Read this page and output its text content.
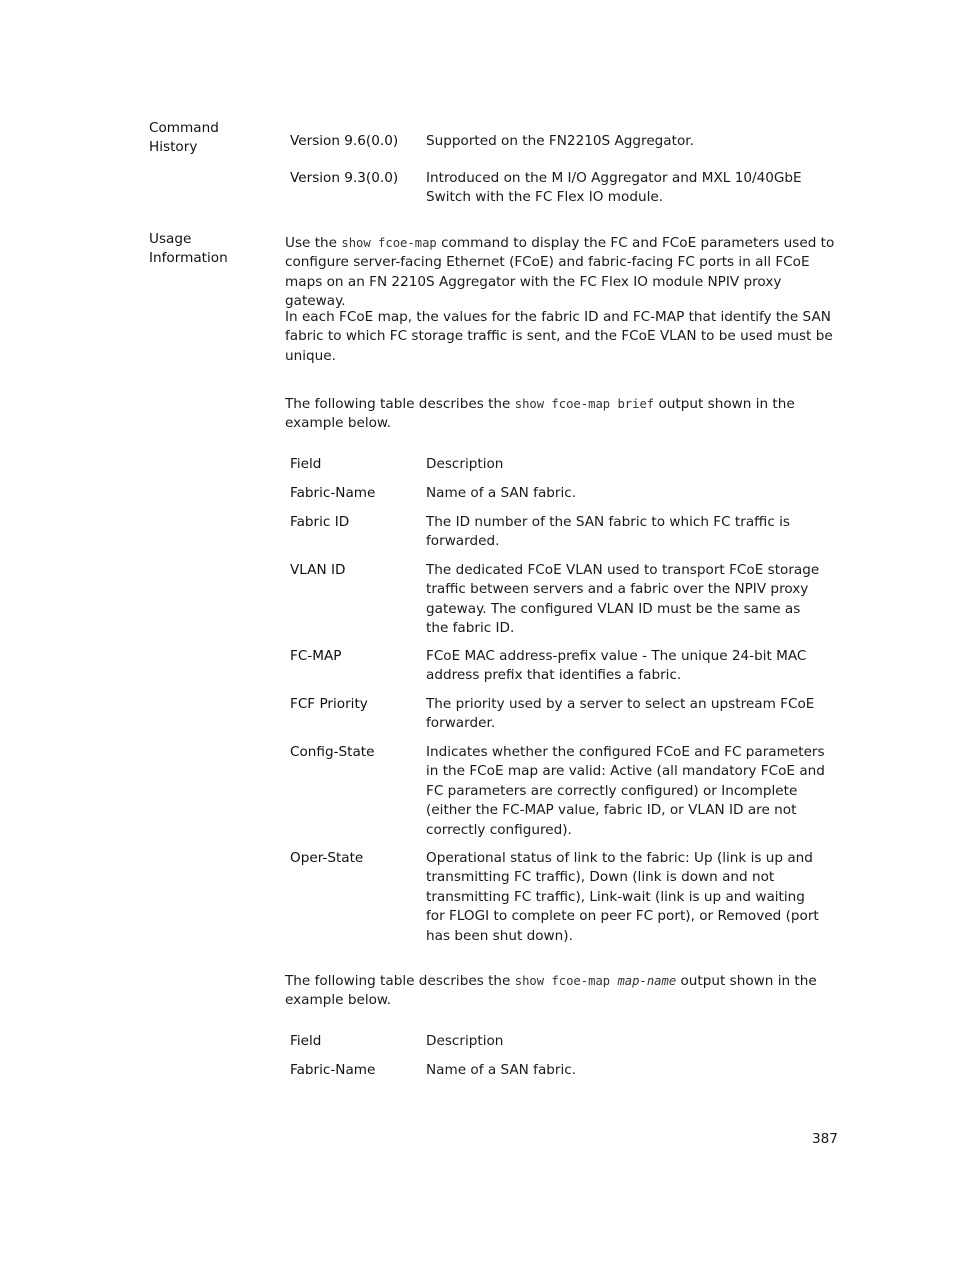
Command
History	Version 9.6(0.0)	Supported on the FN2210S Aggregator.
Version 9.3(0.0)	Introduced on the M I/O Aggregator and MXL 10/40GbE Switch with the FC Flex IO module.
Usage
Information
Use the show fcoe-map command to display the FC and FCoE parameters used to configure server-facing Ethernet (FCoE) and fabric-facing FC ports in all FCoE maps on an FN 2210S Aggregator with the FC Flex IO module NPIV proxy gateway.
In each FCoE map, the values for the fabric ID and FC-MAP that identify the SAN fabric to which FC storage traffic is sent, and the FCoE VLAN to be used must be unique.
The following table describes the show fcoe-map brief output shown in the example below.
Field	Description
Fabric-Name	Name of a SAN fabric.
Fabric ID	The ID number of the SAN fabric to which FC traffic is forwarded.
VLAN ID	The dedicated FCoE VLAN used to transport FCoE storage traffic between servers and a fabric over the NPIV proxy gateway. The configured VLAN ID must be the same as the fabric ID.
FC-MAP	FCoE MAC address-prefix value - The unique 24-bit MAC address prefix that identifies a fabric.
FCF Priority	The priority used by a server to select an upstream FCoE forwarder.
Config-State	Indicates whether the configured FCoE and FC parameters in the FCoE map are valid: Active (all mandatory FCoE and FC parameters are correctly configured) or Incomplete (either the FC-MAP value, fabric ID, or VLAN ID are not correctly configured).
Oper-State	Operational status of link to the fabric: Up (link is up and transmitting FC traffic), Down (link is down and not transmitting FC traffic), Link-wait (link is up and waiting for FLOGI to complete on peer FC port), or Removed (port has been shut down).
The following table describes the show fcoe-map map-name output shown in the example below.
Field	Description
Fabric-Name	Name of a SAN fabric.
387
